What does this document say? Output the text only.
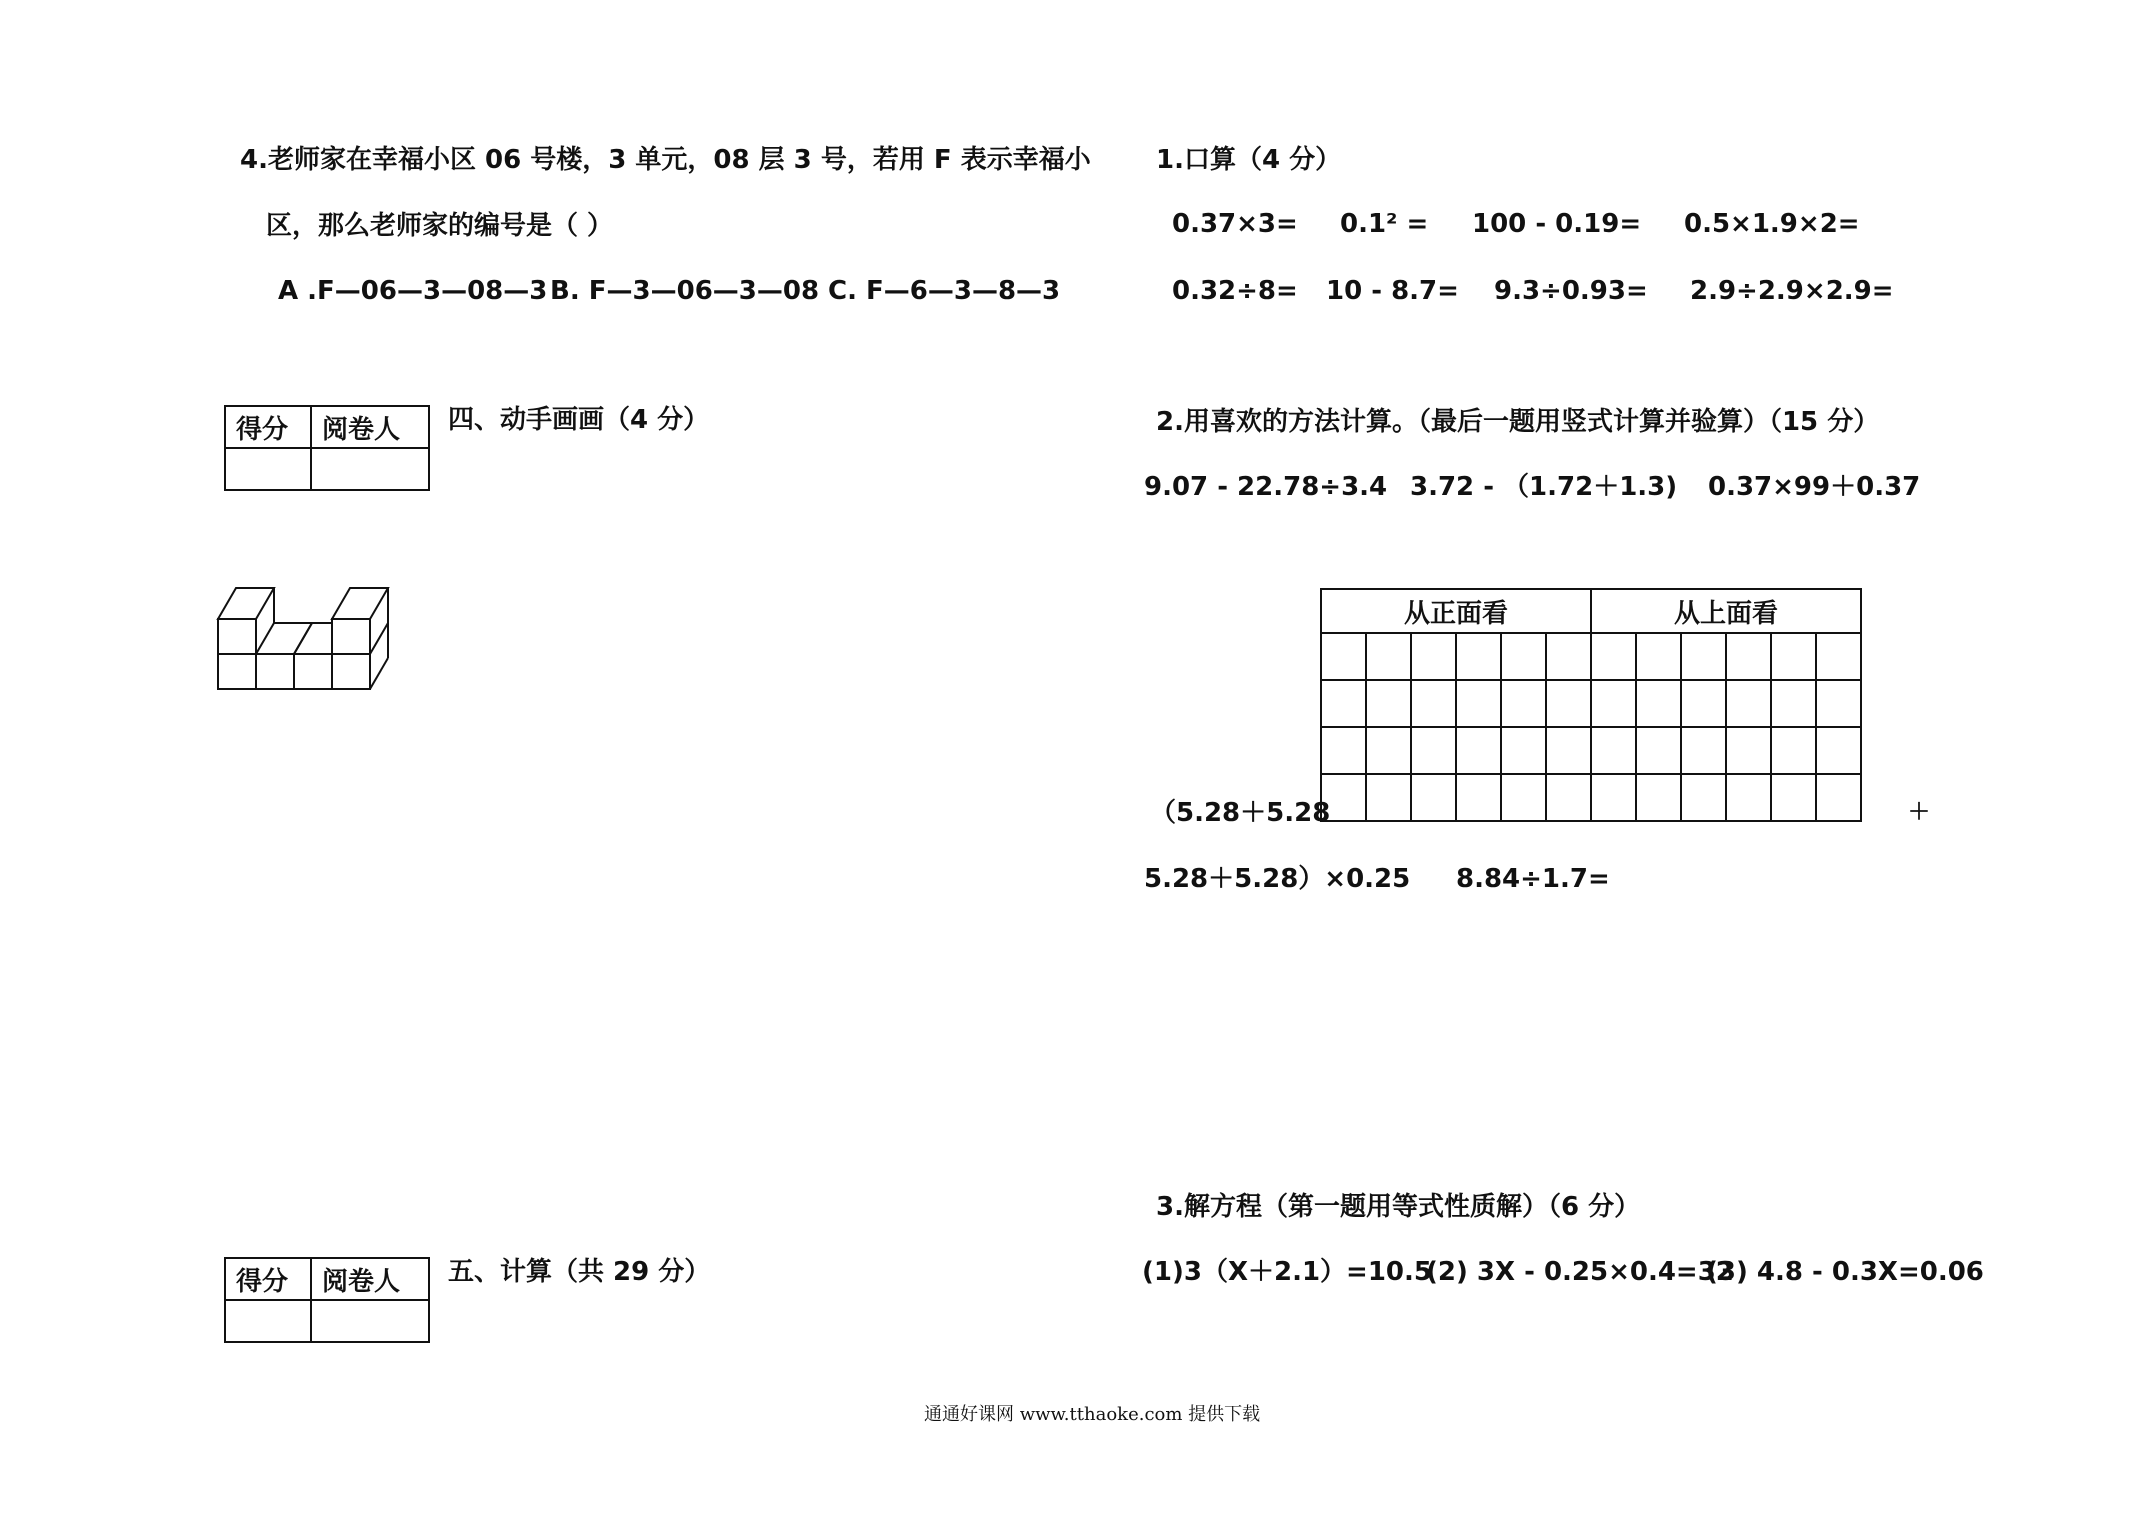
4.老师家在幸福小区 06 号楼，3 单元，08 层 3 号，若用 F 表示幸福小
区，那么老师家的编号是（ ）
A .F—06—3—08—3 B. F—3—06—3—08 C. F—6—3—8—3
得分	阅卷人
	四、动手画画（4 分）
得分	阅卷人
	五、计算（共 29 分）
1.口算（4 分）
0.37×3= 0.1² = 100 - 0.19= 0.5×1.9×2=
0.32÷8= 10 - 8.7= 9.3÷0.93= 2.9÷2.9×2.9=
2.用喜欢的方法计算。（最后一题用竖式计算并验算）（15 分）
9.07 - 22.78÷3.4 3.72 - （1.72＋1.3) 0.37×99＋0.37
从正面看						从上面看					

（5.28＋5.28	＋
5.28＋5.28）×0.25 8.84÷1.7=
3.解方程（第一题用等式性质解）（6 分）
(1)3（X＋2.1）=10.5
(2) 3X - 0.25×0.4=32
(3) 4.8 - 0.3X=0.06
通通好课网 www.tthaoke.com 提供下载
